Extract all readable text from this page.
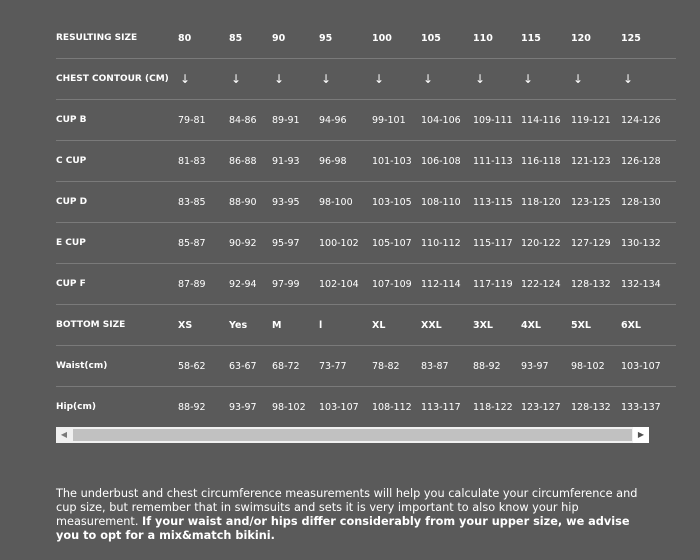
RESULTING SIZE	80	85	90	95	100	105	110	115	120	125
CHEST CONTOUR (CM)	↓	↓	↓	↓	↓	↓	↓	↓	↓	↓
CUP B	79-81	84-86	89-91	94-96	99-101	104-106	109-111	114-116	119-121	124-126
C CUP	81-83	86-88	91-93	96-98	101-103	106-108	111-113	116-118	121-123	126-128
CUP D	83-85	88-90	93-95	98-100	103-105	108-110	113-115	118-120	123-125	128-130
E CUP	85-87	90-92	95-97	100-102	105-107	110-112	115-117	120-122	127-129	130-132
CUP F	87-89	92-94	97-99	102-104	107-109	112-114	117-119	122-124	128-132	132-134
BOTTOM SIZE	XS	Yes	M	l	XL	XXL	3XL	4XL	5XL	6XL
Waist(cm)	58-62	63-67	68-72	73-77	78-82	83-87	88-92	93-97	98-102	103-107
Hip(cm)	88-92	93-97	98-102	103-107	108-112	113-117	118-122	123-127	128-132	133-137
◀	▶

The underbust and chest circumference measurements will help you calculate your circumference and cup size, but remember that in swimsuits and sets it is very important to also know your hip measurement. If your waist and/or hips differ considerably from your upper size, we advise you to opt for a mix&match bikini.
